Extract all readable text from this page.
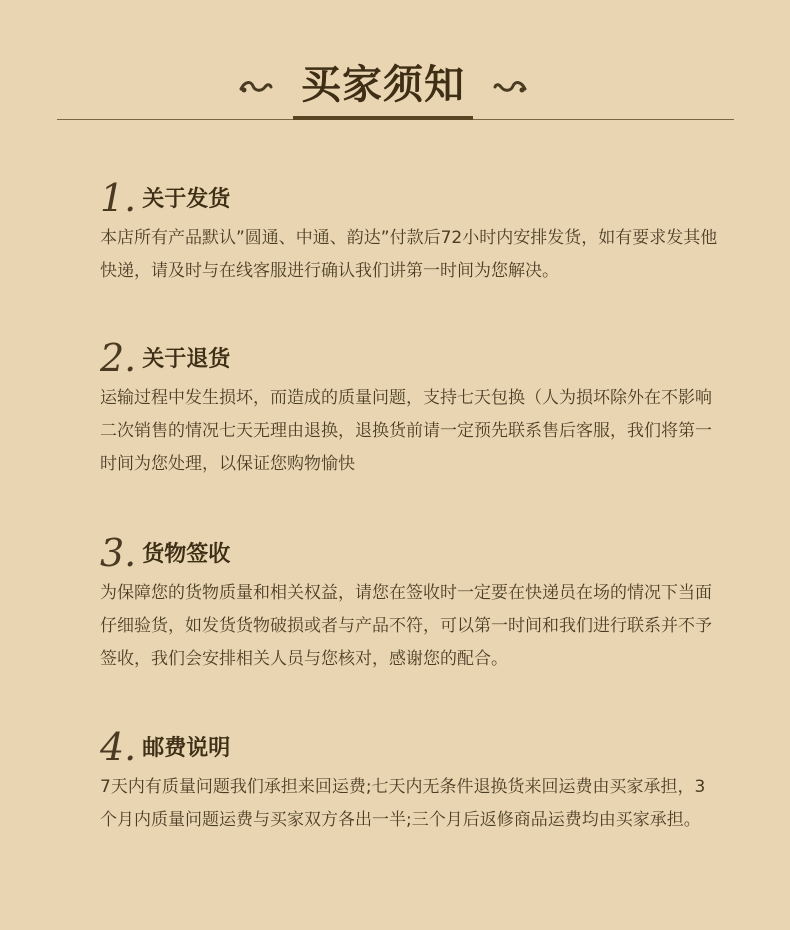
买家须知
1. 关于发货

本店所有产品默认”圆通、中通、韵达”付款后72小时内安排发货，如有要求发其他快递，请及时与在线客服进行确认我们讲第一时间为您解决。

2. 关于退货

运输过程中发生损坏，而造成的质量问题，支持七天包换（人为损坏除外在不影响二次销售的情况七天无理由退换，退换货前请一定预先联系售后客服，我们将第一时间为您处理，以保证您购物愉快

3. 货物签收

为保障您的货物质量和相关权益，请您在签收时一定要在快递员在场的情况下当面仔细验货，如发货货物破损或者与产品不符，可以第一时间和我们进行联系并不予签收，我们会安排相关人员与您核对，感谢您的配合。

4. 邮费说明

7天内有质量问题我们承担来回运费;七天内无条件退换货来回运费由买家承担，3个月内质量问题运费与买家双方各出一半;三个月后返修商品运费均由买家承担。
